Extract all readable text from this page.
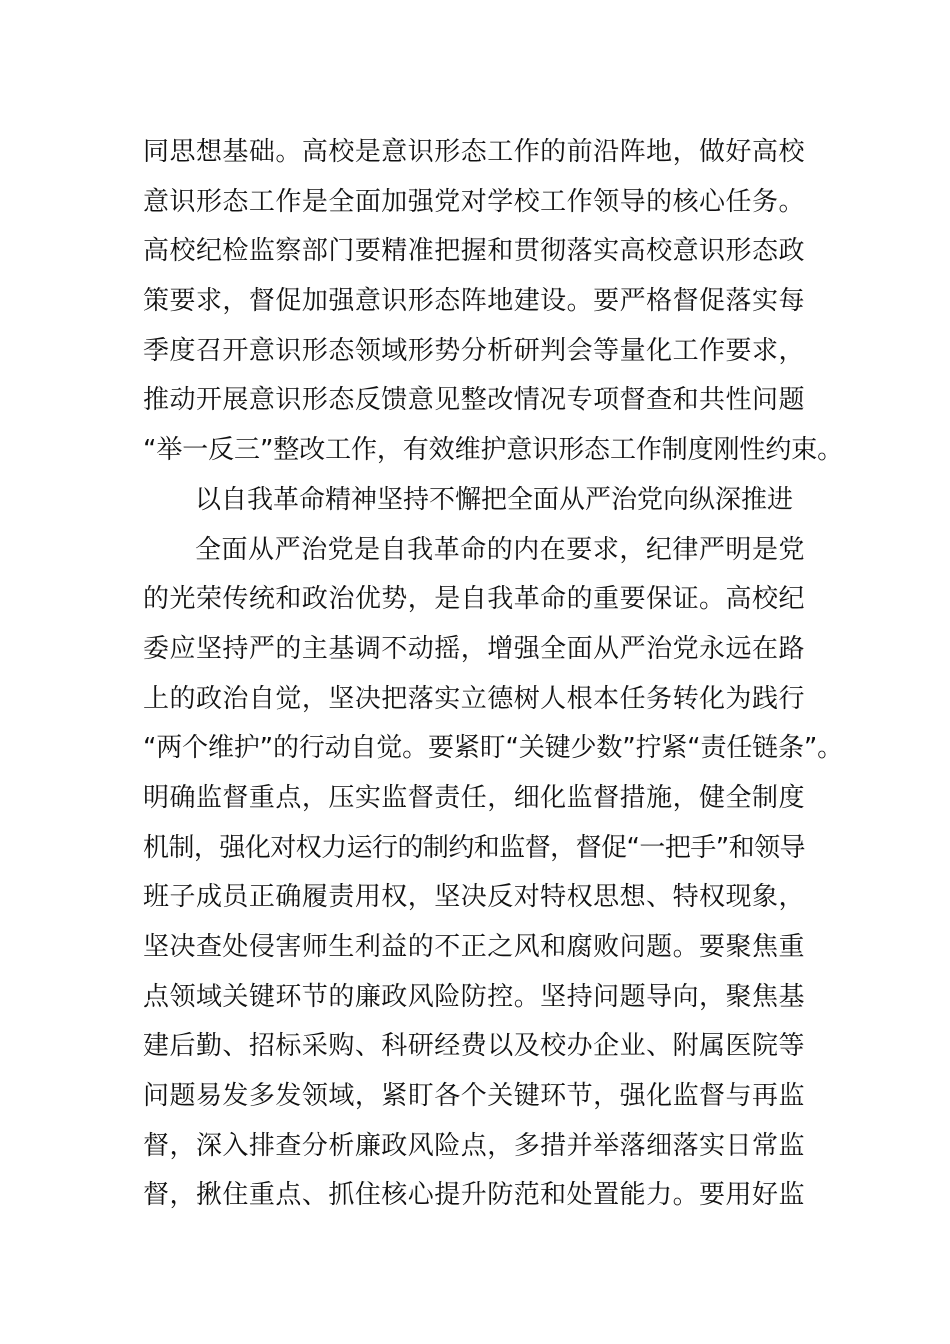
同思想基础。高校是意识形态工作的前沿阵地，做好高校
意识形态工作是全面加强党对学校工作领导的核心任务。
高校纪检监察部门要精准把握和贯彻落实高校意识形态政
策要求，督促加强意识形态阵地建设。要严格督促落实每
季度召开意识形态领域形势分析研判会等量化工作要求，
推动开展意识形态反馈意见整改情况专项督查和共性问题
“举一反三”整改工作，有效维护意识形态工作制度刚性约束。
以自我革命精神坚持不懈把全面从严治党向纵深推进
全面从严治党是自我革命的内在要求，纪律严明是党
的光荣传统和政治优势，是自我革命的重要保证。高校纪
委应坚持严的主基调不动摇，增强全面从严治党永远在路
上的政治自觉，坚决把落实立德树人根本任务转化为践行
“两个维护”的行动自觉。要紧盯“关键少数”拧紧“责任链条”。
明确监督重点，压实监督责任，细化监督措施，健全制度
机制，强化对权力运行的制约和监督，督促“一把手”和领导
班子成员正确履责用权，坚决反对特权思想、特权现象，
坚决查处侵害师生利益的不正之风和腐败问题。要聚焦重
点领域关键环节的廉政风险防控。坚持问题导向，聚焦基
建后勤、招标采购、科研经费以及校办企业、附属医院等
问题易发多发领域，紧盯各个关键环节，强化监督与再监
督，深入排查分析廉政风险点，多措并举落细落实日常监
督，揪住重点、抓住核心提升防范和处置能力。要用好监
